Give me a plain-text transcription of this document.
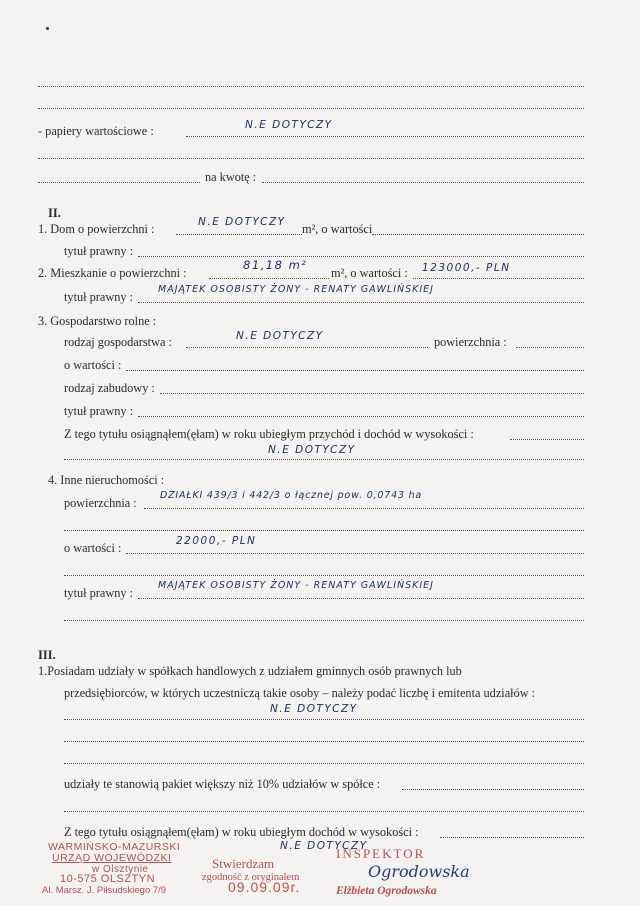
- papiery wartościowe :	N.E DOTYCZY
na kwotę :
II.
1. Dom o powierzchni :	N.E DOTYCZY m², o wartości
tytuł prawny :
2. Mieszkanie o powierzchni :
81,18 m²
m², o wartości : 123000,- PLN
tytuł prawny :
MAJĄTEK OSOBISTY ŻONY - RENATY GAWLIŃSKIEJ
3. Gospodarstwo rolne :
rodzaj gospodarstwa :	N.E DOTYCZY	powierzchnia :
o wartości :
rodzaj zabudowy :
tytuł prawny :
Z tego tytułu osiągnąłem(ęłam) w roku ubiegłym przychód i dochód w wysokości :
N.E DOTYCZY
4. Inne nieruchomości :
powierzchnia :
DZIAŁKI 439/3 i 442/3 o łącznej pow. 0,0743 ha
o wartości :	22000,- PLN
tytuł prawny :
MAJĄTEK OSOBISTY ŻONY - RENATY GAWLIŃSKIEJ
III.
1.Posiadam udziały w spółkach handlowych z udziałem gminnych osób prawnych lub
przedsiębiorców, w których uczestniczą takie osoby – należy podać liczbę i emitenta udziałów :
N.E DOTYCZY
udziały te stanowią pakiet większy niż 10% udziałów w spółce :
Z tego tytułu osiągnąłem(ęłam) w roku ubiegłym dochód w wysokości :
N.E DOTYCZY
WARMIŃSKO-MAZURSKI
URZĄD WOJEWÓDZKI
w Olsztynie
10-575 OLSZTYN
Al. Marsz. J. Piłsudskiego 7/9
Stwierdzam
zgodność z oryginałem
09.09.09r.
INSPEKTOR
Ogrodowska
Elżbieta Ogrodowska
